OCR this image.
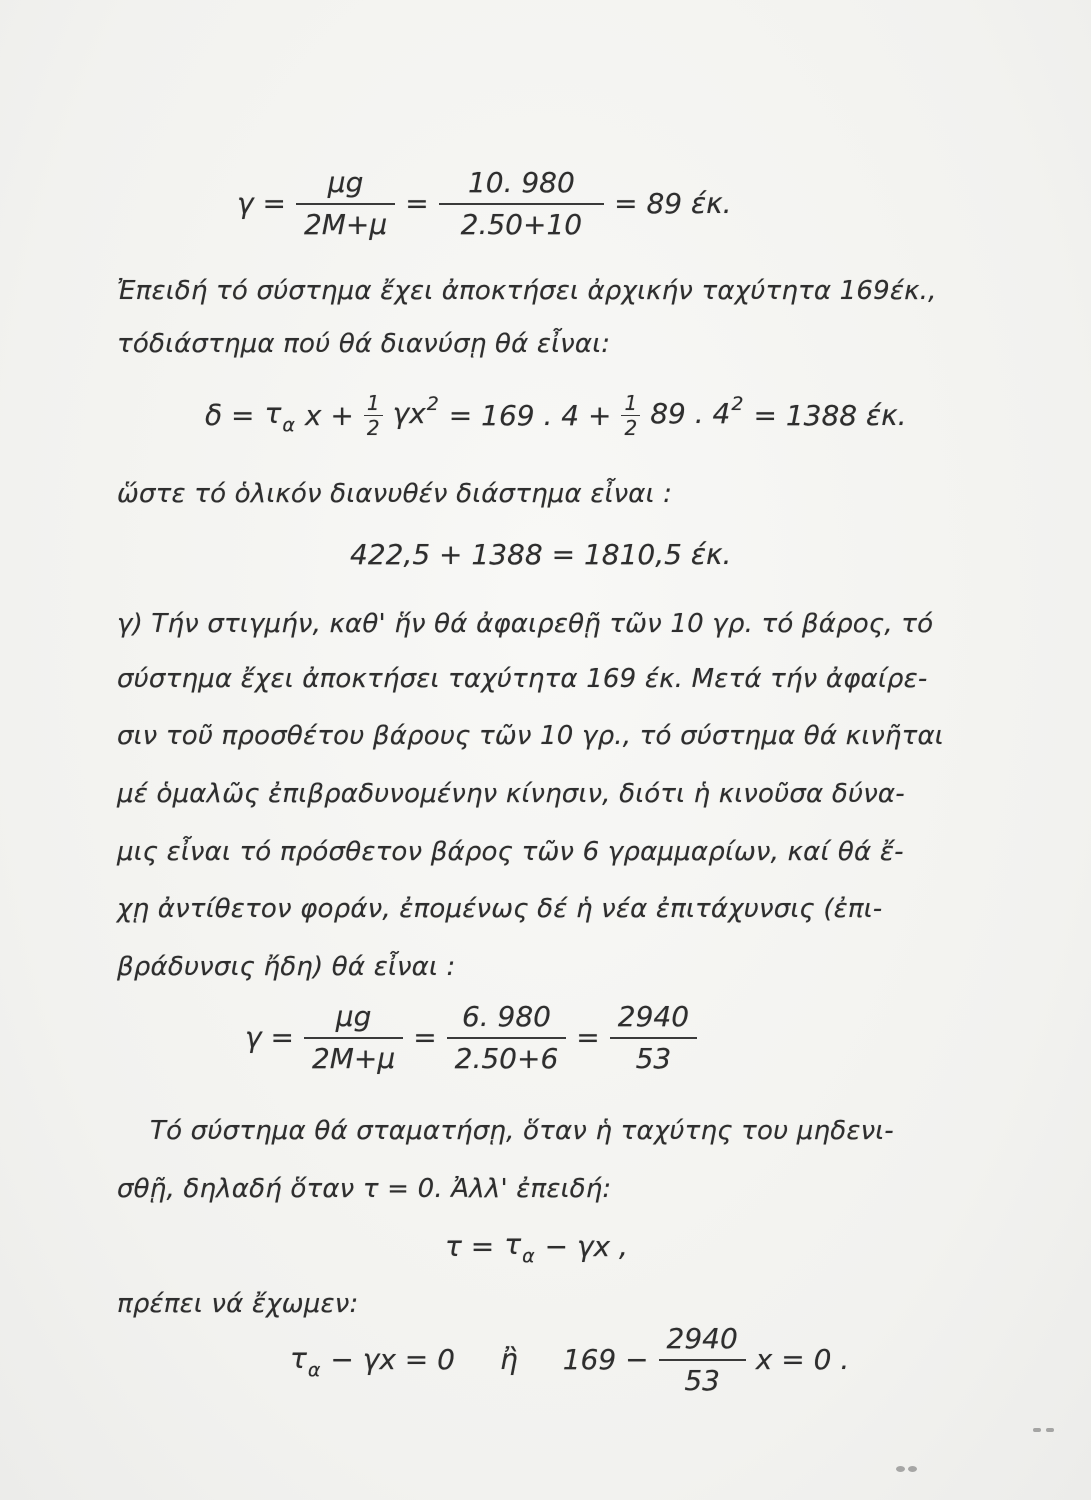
$\gamma = \frac{\mu g}{2M+\mu} = \frac{10. 980}{2.50+10} = 89$ έκ.
Ἐπειδή τό σύστημα ἔχει ἀποκτήσει ἀρχικήν ταχύτητα 169έκ.,
τόδιάστημα πού θά διανύσῃ θά εἶναι:
$\delta = \tau_\alpha$ $x + \frac{1}{2} \gamma x^2 = 169$ . $4 + \frac{1}{2} 89$ . $4^2 = 1388$ έκ.
ὥστε τό ὁλικόν διανυθέν διάστημα εἶναι :
422,5 + 1388 = 1810,5 έκ.
γ) Τήν στιγμήν, καθ' ἥν θά ἀφαιρεθῇ τῶν 10 γρ. τό βάρος, τό
σύστημα ἔχει ἀποκτήσει ταχύτητα 169 έκ. Μετά τήν ἀφαίρε-
σιν τοῦ προσθέτου βάρους τῶν 10 γρ., τό σύστημα θά κινῆται
μέ ὁμαλῶς ἐπιβραδυνομένην κίνησιν, διότι ἡ κινοῦσα δύνα-
μις εἶναι τό πρόσθετον βάρος τῶν 6 γραμμαρίων, καί θά ἔ-
χῃ ἀντίθετον φοράν, ἐπομένως δέ ἡ νέα ἐπιτάχυνσις (ἐπι-
βράδυνσις ἤδη) θά εἶναι :
$\gamma = \frac{\mu g}{2M+\mu} = \frac{6. 980}{2.50+6} = \frac{2940}{53}$
Τό σύστημα θά σταματήσῃ, ὅταν ἡ ταχύτης του μηδενι-
σθῇ, δηλαδή ὅταν τ = 0. Ἀλλ' ἐπειδή:
$\tau = \tau_\alpha - \gamma x$ ,
πρέπει νά ἔχωμεν:
$\tau_\alpha - \gamma x = 0$ ἢ $169 - \frac{2940}{53}$ x = 0 .
